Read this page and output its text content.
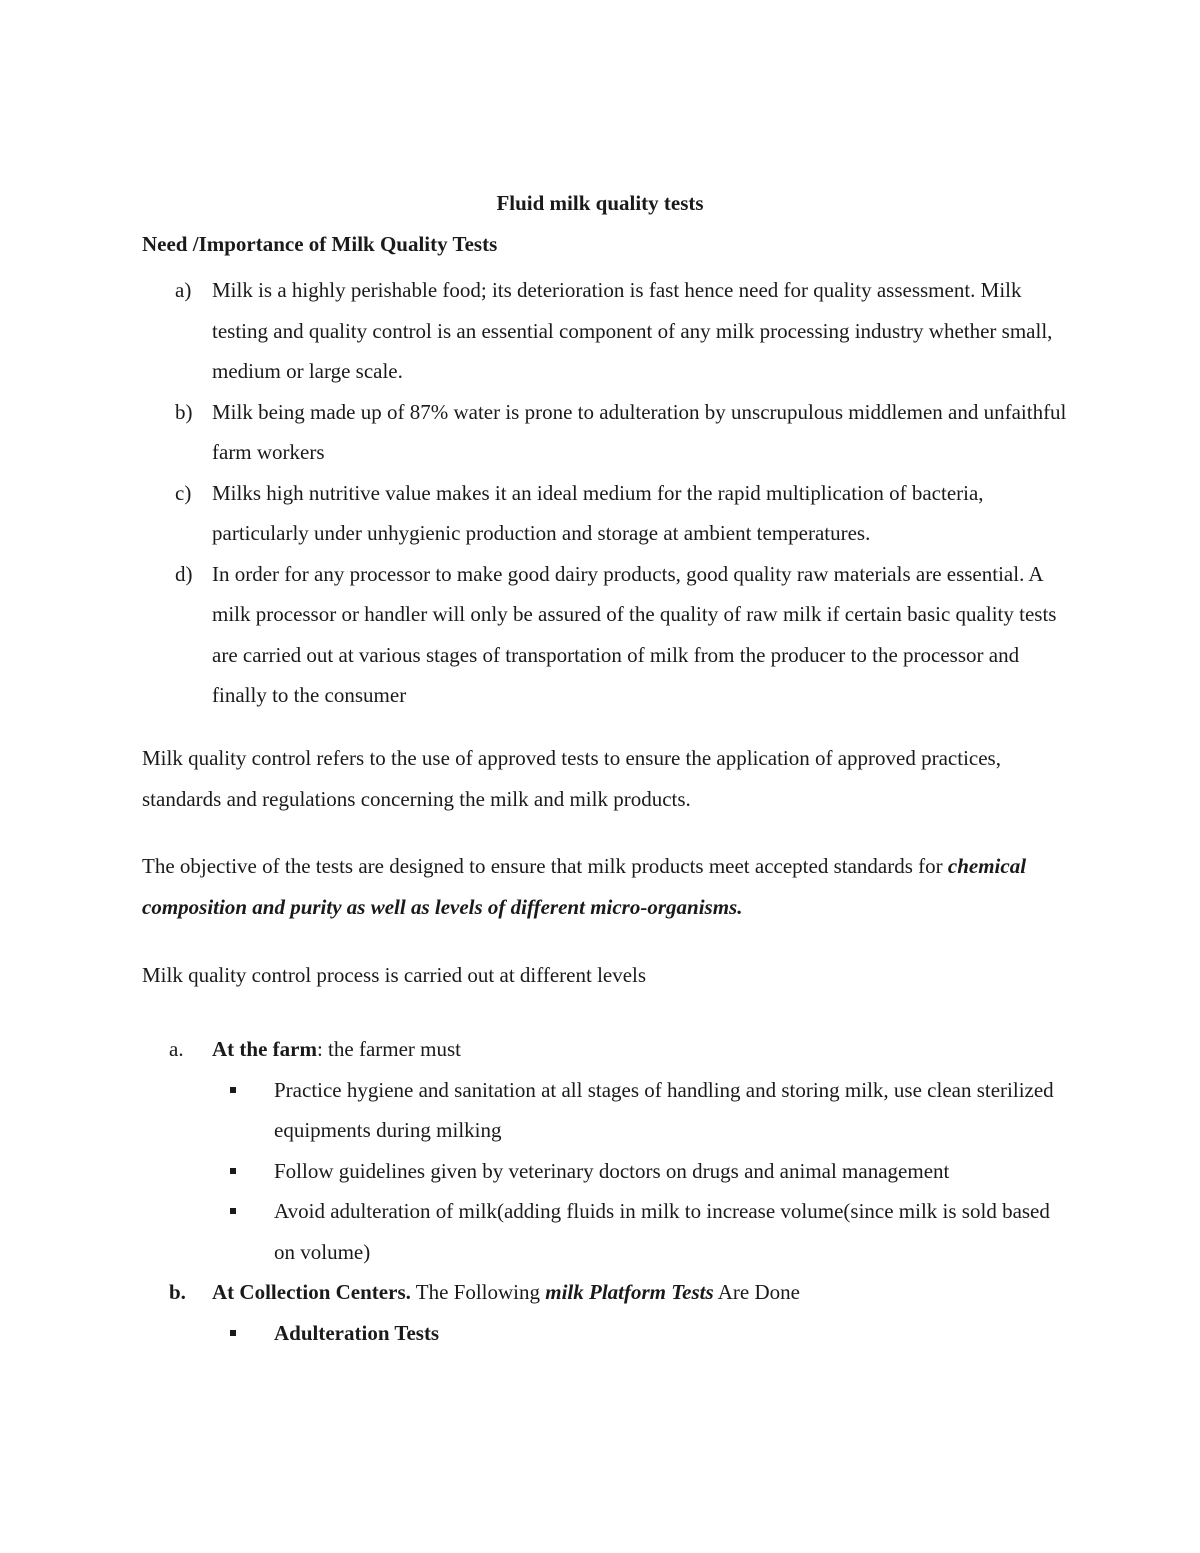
Fluid milk quality tests
Need /Importance of Milk Quality Tests
a) Milk is a highly perishable food; its deterioration is fast hence need for quality assessment. Milk testing and quality control is an essential component of any milk processing industry whether small, medium or large scale.
b) Milk being made up of 87% water is prone to adulteration by unscrupulous middlemen and unfaithful farm workers
c) Milks high nutritive value makes it an ideal medium for the rapid multiplication of bacteria, particularly under unhygienic production and storage at ambient temperatures.
d) In order for any processor to make good dairy products, good quality raw materials are essential. A milk processor or handler will only be assured of the quality of raw milk if certain basic quality tests are carried out at various stages of transportation of milk from the producer to the processor and finally to the consumer
Milk quality control refers to the use of approved tests to ensure the application of approved practices, standards and regulations concerning the milk and milk products.
The objective of the tests are designed to ensure that milk products meet accepted standards for chemical composition and purity as well as levels of different micro-organisms.
Milk quality control process is carried out at different levels
a. At the farm: the farmer must
Practice hygiene and sanitation at all stages of handling and storing milk, use clean sterilized equipments during milking
Follow guidelines given by veterinary doctors on drugs and animal management
Avoid adulteration of milk(adding fluids in milk to increase volume(since milk is sold based on volume)
b. At Collection Centers. The Following milk Platform Tests Are Done
Adulteration Tests
